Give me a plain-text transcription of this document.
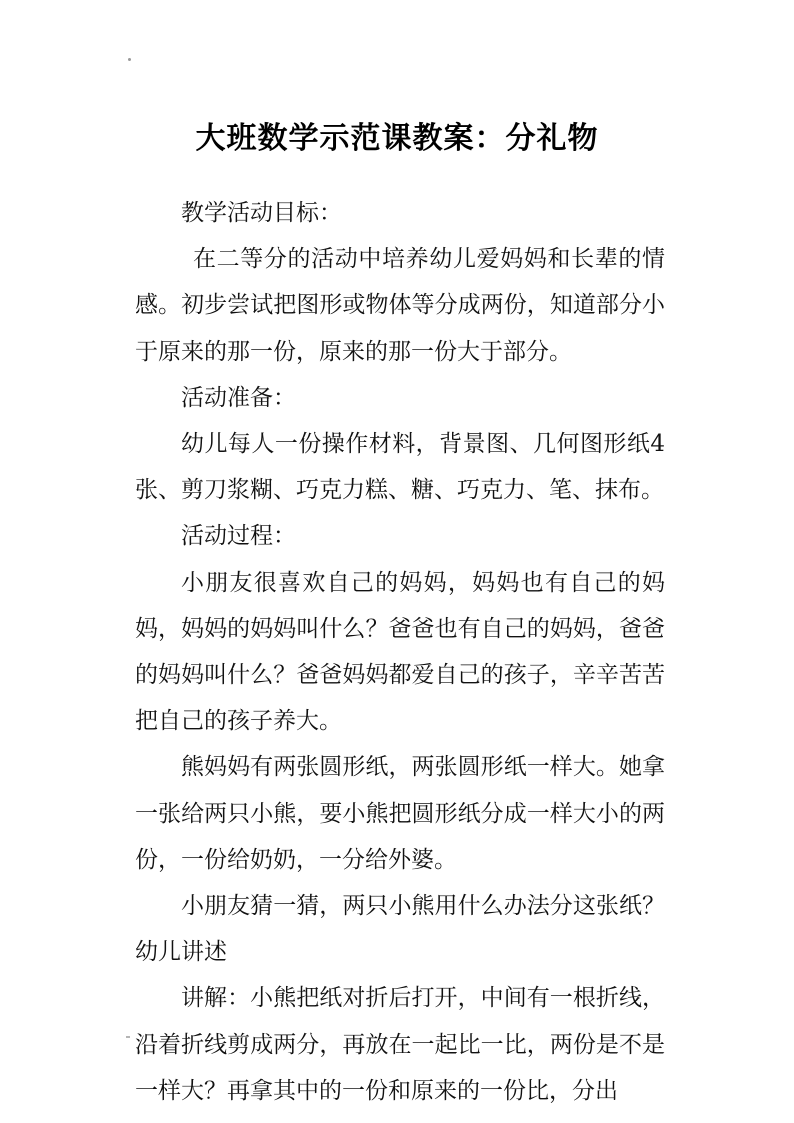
大班数学示范课教案：分礼物

教学活动目标：

在二等分的活动中培养幼儿爱妈妈和长辈的情感。初步尝试把图形或物体等分成两份，知道部分小于原来的那一份，原来的那一份大于部分。

活动准备：

幼儿每人一份操作材料，背景图、几何图形纸4张、剪刀浆糊、巧克力糕、糖、巧克力、笔、抹布。

活动过程：

小朋友很喜欢自己的妈妈，妈妈也有自己的妈妈，妈妈的妈妈叫什么？爸爸也有自己的妈妈，爸爸的妈妈叫什么？爸爸妈妈都爱自己的孩子，辛辛苦苦把自己的孩子养大。

熊妈妈有两张圆形纸，两张圆形纸一样大。她拿一张给两只小熊，要小熊把圆形纸分成一样大小的两份，一份给奶奶，一分给外婆。

小朋友猜一猜，两只小熊用什么办法分这张纸？幼儿讲述

讲解：小熊把纸对折后打开，中间有一根折线，沿着折线剪成两分，再放在一起比一比，两份是不是一样大？再拿其中的一份和原来的一份比，分出
